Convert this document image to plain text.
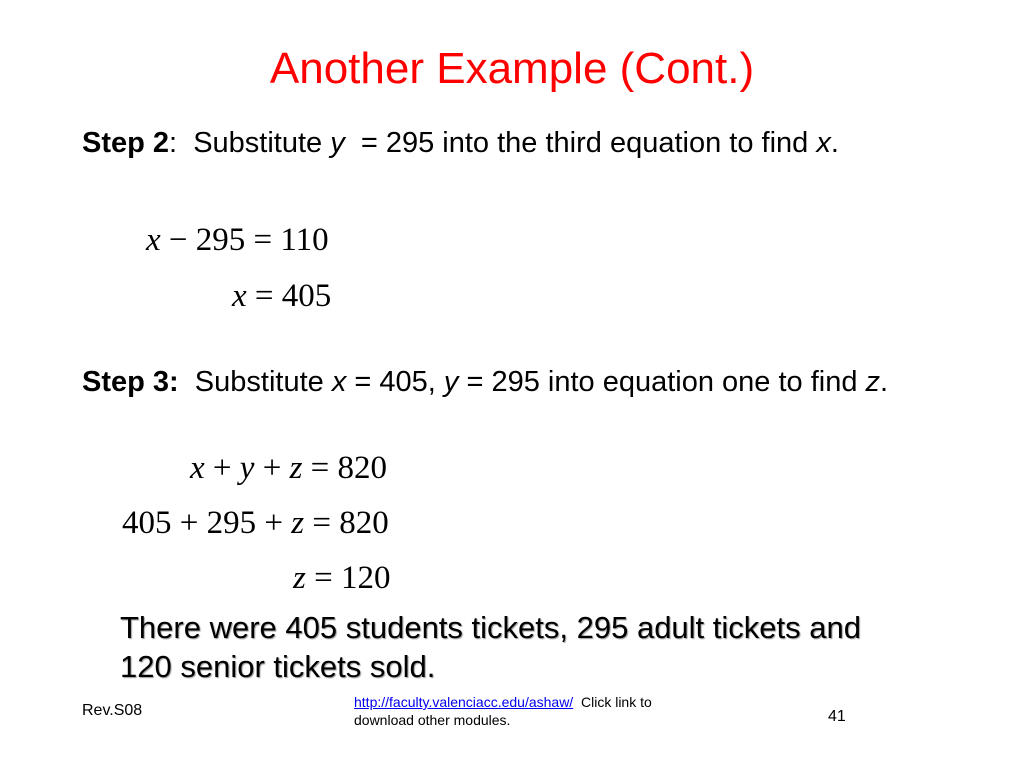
Another Example (Cont.)
Step 2:  Substitute y  = 295 into the third equation to find x.
x − 295 = 110
x = 405
Step 3:  Substitute x = 405, y = 295 into equation one to find z.
x + y + z = 820
405 + 295 + z = 820
z = 120
There were 405 students tickets, 295 adult tickets and 120 senior tickets sold.
Rev.S08	http://faculty.valenciacc.edu/ashaw/  Click link to download other modules.	41
